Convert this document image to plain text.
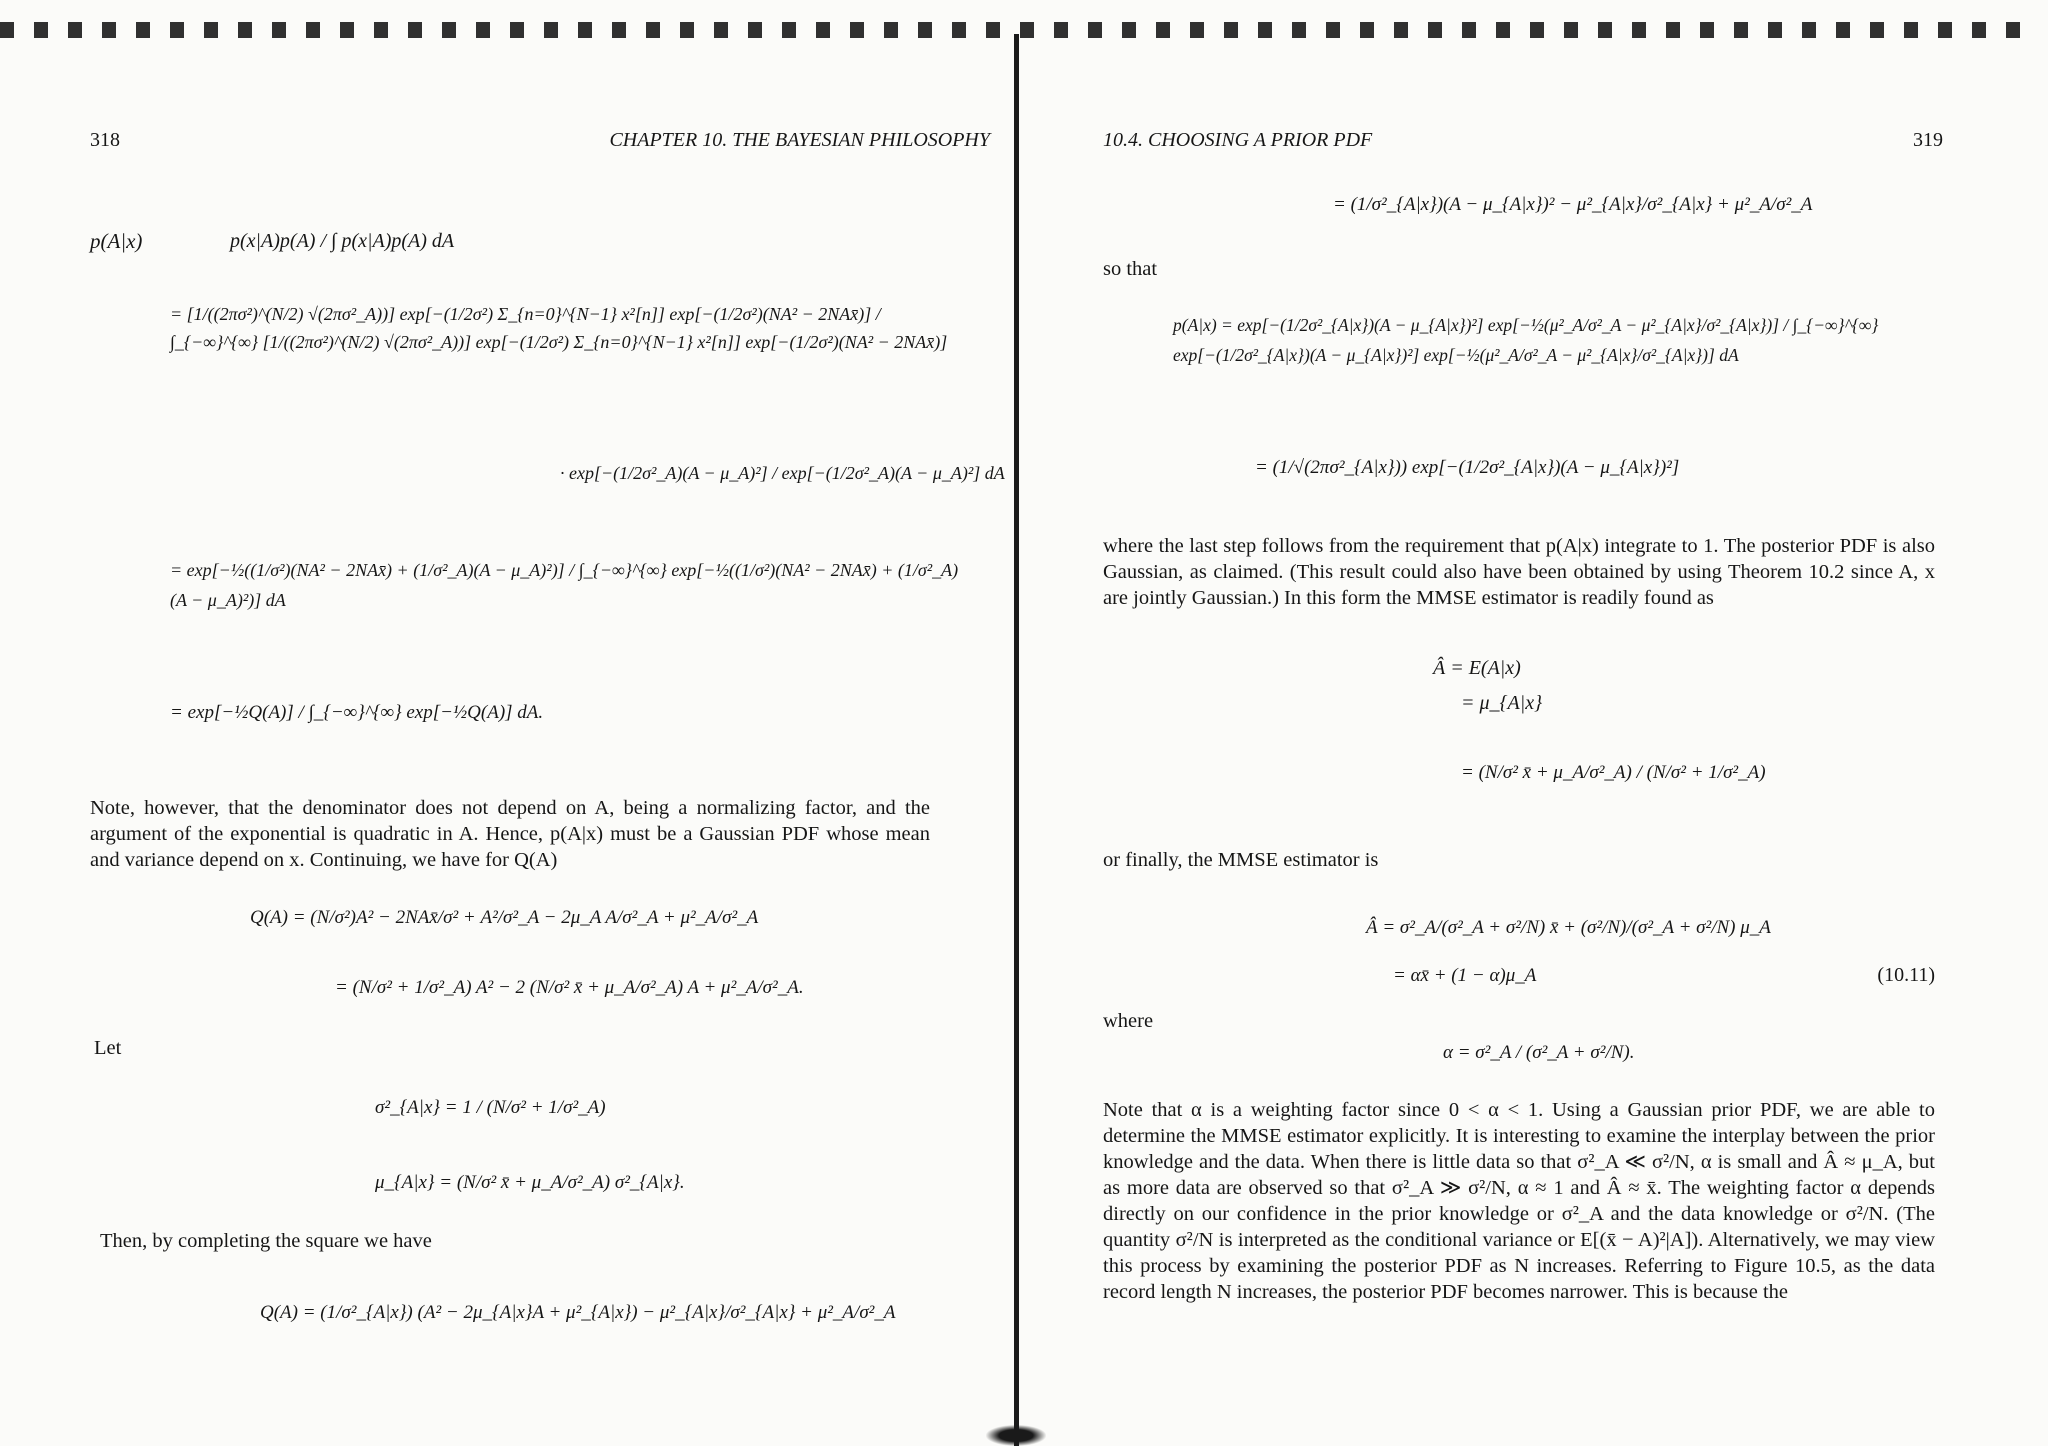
318	CHAPTER 10. THE BAYESIAN PHILOSOPHY
p(A|x)	p(x|A)p(A) / ∫ p(x|A)p(A) dA
= [1/((2πσ²)^(N/2) √(2πσ²_A))] exp[−(1/2σ²) Σ_{n=0}^{N−1} x²[n]] exp[−(1/2σ²)(NA² − 2NAx̄)] / ∫_{−∞}^{∞} [1/((2πσ²)^(N/2) √(2πσ²_A))] exp[−(1/2σ²) Σ_{n=0}^{N−1} x²[n]] exp[−(1/2σ²)(NA² − 2NAx̄)]
· exp[−(1/2σ²_A)(A − μ_A)²] / exp[−(1/2σ²_A)(A − μ_A)²] dA
= exp[−½((1/σ²)(NA² − 2NAx̄) + (1/σ²_A)(A − μ_A)²)] / ∫_{−∞}^{∞} exp[−½((1/σ²)(NA² − 2NAx̄) + (1/σ²_A)(A − μ_A)²)] dA
= exp[−½Q(A)] / ∫_{−∞}^{∞} exp[−½Q(A)] dA.
Note, however, that the denominator does not depend on A, being a normalizing factor, and the argument of the exponential is quadratic in A. Hence, p(A|x) must be a Gaussian PDF whose mean and variance depend on x. Continuing, we have for Q(A)
Q(A) = (N/σ²)A² − 2NAx̄/σ² + A²/σ²_A − 2μ_A A/σ²_A + μ²_A/σ²_A
= (N/σ² + 1/σ²_A) A² − 2 (N/σ² x̄ + μ_A/σ²_A) A + μ²_A/σ²_A.
Let
σ²_{A|x} = 1 / (N/σ² + 1/σ²_A)
μ_{A|x} = (N/σ² x̄ + μ_A/σ²_A) σ²_{A|x}.
Then, by completing the square we have
Q(A) = (1/σ²_{A|x}) (A² − 2μ_{A|x}A + μ²_{A|x}) − μ²_{A|x}/σ²_{A|x} + μ²_A/σ²_A
10.4. CHOOSING A PRIOR PDF	319
= (1/σ²_{A|x})(A − μ_{A|x})² − μ²_{A|x}/σ²_{A|x} + μ²_A/σ²_A
so that
p(A|x) = exp[−(1/2σ²_{A|x})(A − μ_{A|x})²] exp[−½(μ²_A/σ²_A − μ²_{A|x}/σ²_{A|x})] / ∫_{−∞}^{∞} exp[−(1/2σ²_{A|x})(A − μ_{A|x})²] exp[−½(μ²_A/σ²_A − μ²_{A|x}/σ²_{A|x})] dA
= (1/√(2πσ²_{A|x})) exp[−(1/2σ²_{A|x})(A − μ_{A|x})²]
where the last step follows from the requirement that p(A|x) integrate to 1. The posterior PDF is also Gaussian, as claimed. (This result could also have been obtained by using Theorem 10.2 since A, x are jointly Gaussian.) In this form the MMSE estimator is readily found as
Â = E(A|x)
= μ_{A|x}
= (N/σ² x̄ + μ_A/σ²_A) / (N/σ² + 1/σ²_A)
or finally, the MMSE estimator is
Â = σ²_A/(σ²_A + σ²/N) x̄ + (σ²/N)/(σ²_A + σ²/N) μ_A
= αx̄ + (1 − α)μ_A	(10.11)
where
α = σ²_A / (σ²_A + σ²/N).
Note that α is a weighting factor since 0 < α < 1. Using a Gaussian prior PDF, we are able to determine the MMSE estimator explicitly. It is interesting to examine the interplay between the prior knowledge and the data. When there is little data so that σ²_A ≪ σ²/N, α is small and Â ≈ μ_A, but as more data are observed so that σ²_A ≫ σ²/N, α ≈ 1 and Â ≈ x̄. The weighting factor α depends directly on our confidence in the prior knowledge or σ²_A and the data knowledge or σ²/N. (The quantity σ²/N is interpreted as the conditional variance or E[(x̄ − A)²|A]). Alternatively, we may view this process by examining the posterior PDF as N increases. Referring to Figure 10.5, as the data record length N increases, the posterior PDF becomes narrower. This is because the
